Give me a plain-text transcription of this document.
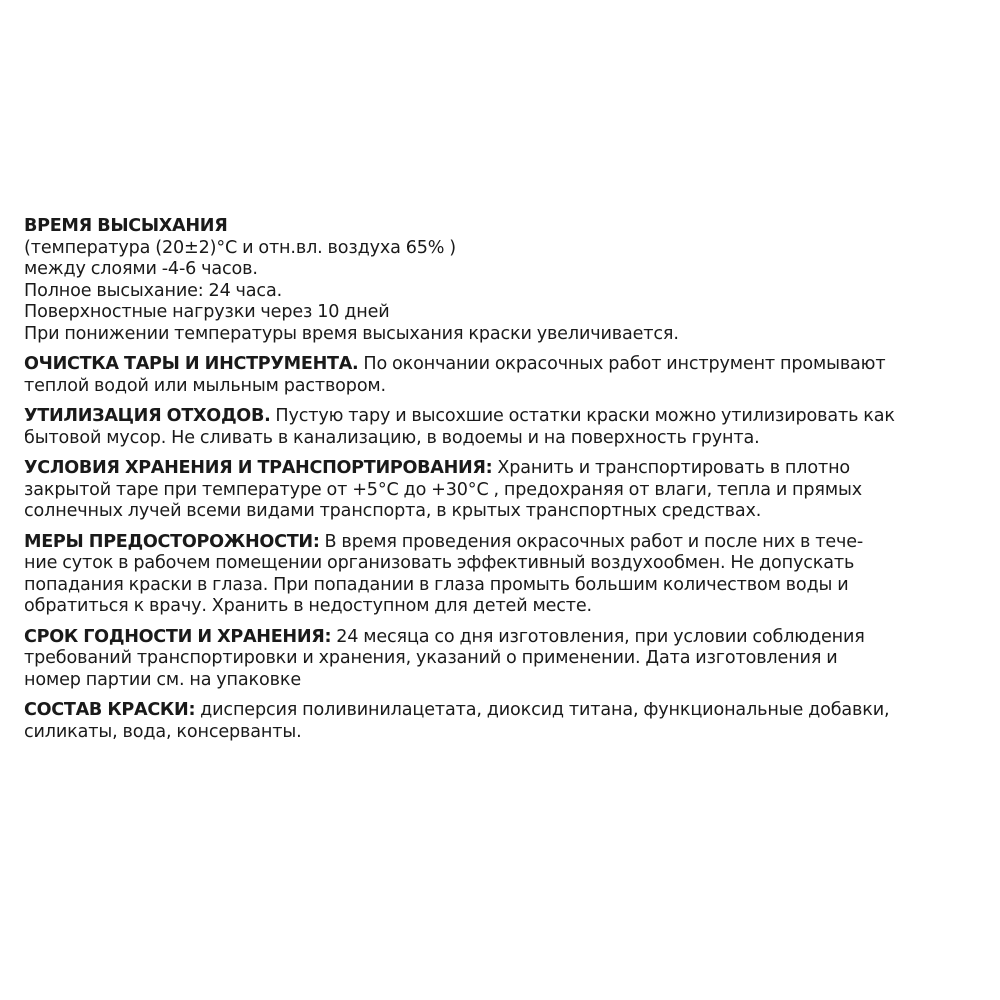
ВРЕМЯ ВЫСЫХАНИЯ
(температура (20±2)°С и отн.вл. воздуха 65% )
между слоями -4-6 часов.
Полное высыхание: 24 часа.
Поверхностные нагрузки через 10 дней
При понижении температуры время высыхания краски увеличивается.
ОЧИСТКА ТАРЫ И ИНСТРУМЕНТА. По окончании окрасочных работ инструмент промывают
теплой водой или мыльным раствором.
УТИЛИЗАЦИЯ ОТХОДОВ. Пустую тару и высохшие остатки краски можно утилизировать как
бытовой мусор. Не сливать в канализацию, в водоемы и на поверхность грунта.
УСЛОВИЯ ХРАНЕНИЯ И ТРАНСПОРТИРОВАНИЯ: Хранить и транспортировать в плотно
закрытой таре при температуре от +5°С до +30°С , предохраняя от влаги, тепла и прямых
солнечных лучей всеми видами транспорта, в крытых транспортных средствах.
МЕРЫ ПРЕДОСТОРОЖНОСТИ: В время проведения окрасочных работ и после них в тече-
ние суток в рабочем помещении организовать эффективный воздухообмен. Не допускать
попадания краски в глаза. При попадании в глаза промыть большим количеством воды и
обратиться к врачу. Хранить в недоступном для детей месте.
СРОК ГОДНОСТИ И ХРАНЕНИЯ: 24 месяца со дня изготовления, при условии соблюдения
требований транспортировки и хранения, указаний о применении. Дата изготовления и
номер партии см. на упаковке
СОСТАВ КРАСКИ: дисперсия поливинилацетата, диоксид титана, функциональные добавки,
силикаты, вода, консерванты.
